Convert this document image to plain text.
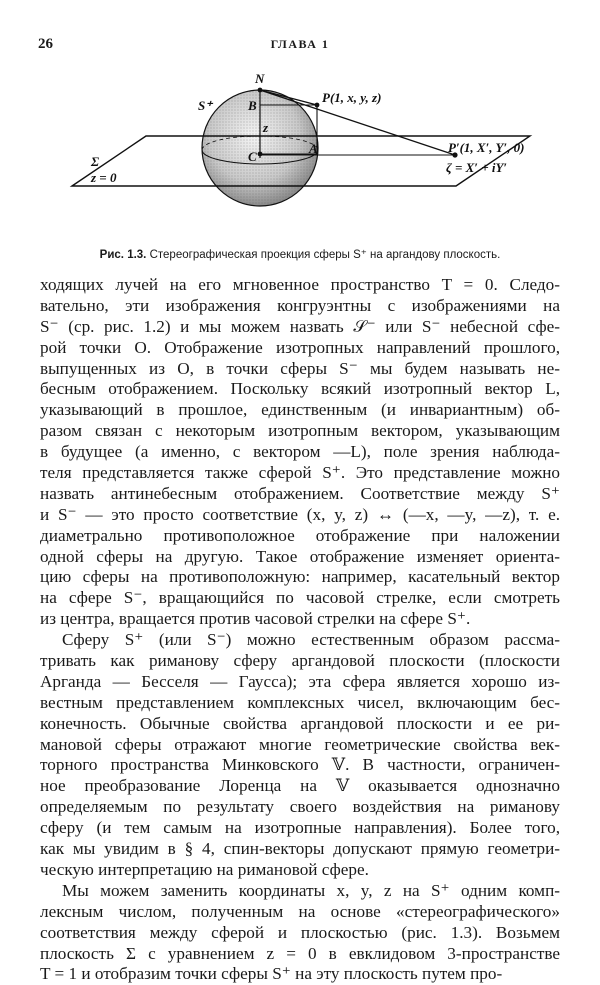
26	ГЛАВА 1
N
S⁺	B
P(1, x, y, z)
z
C
A
Σ
z = 0
P′(1, X′, Y′, 0)
ζ = X′ + iY′
Рис. 1.3. Стереографическая проекция сферы S⁺ на аргандову плоскость.
ходящих лучей на его мгновенное пространство T = 0. Следо-
вательно, эти изображения конгруэнтны с изображениями на
S⁻ (ср. рис. 1.2) и мы можем назвать 𝒮⁻ или S⁻ небесной сфе-
рой точки O. Отображение изотропных направлений прошлого,
выпущенных из O, в точки сферы S⁻ мы будем называть не-
бесным отображением. Поскольку всякий изотропный вектор L,
указывающий в прошлое, единственным (и инвариантным) об-
разом связан с некоторым изотропным вектором, указывающим
в будущее (а именно, с вектором —L), поле зрения наблюда-
теля представляется также сферой S⁺. Это представление можно
назвать антинебесным отображением. Соответствие между S⁺
и S⁻ — это просто соответствие (x, y, z) ↔ (—x, —y, —z), т. е.
диаметрально противоположное отображение при наложении
одной сферы на другую. Такое отображение изменяет ориента-
цию сферы на противоположную: например, касательный вектор
на сфере S⁻, вращающийся по часовой стрелке, если смотреть
из центра, вращается против часовой стрелки на сфере S⁺.
Сферу S⁺ (или S⁻) можно естественным образом рассма-
тривать как риманову сферу аргандовой плоскости (плоскости
Арганда — Бесселя — Гаусса); эта сфера является хорошо из-
вестным представлением комплексных чисел, включающим бес-
конечность. Обычные свойства аргандовой плоскости и ее ри-
мановой сферы отражают многие геометрические свойства век-
торного пространства Минковского 𝕍. В частности, ограничен-
ное преобразование Лоренца на 𝕍 оказывается однозначно
определяемым по результату своего воздействия на риманову
сферу (и тем самым на изотропные направления). Более того,
как мы увидим в § 4, спин-векторы допускают прямую геометри-
ческую интерпретацию на римановой сфере.
Мы можем заменить координаты x, y, z на S⁺ одним комп-
лексным числом, полученным на основе «стереографического»
соответствия между сферой и плоскостью (рис. 1.3). Возьмем
плоскость Σ с уравнением z = 0 в евклидовом 3-пространстве
T = 1 и отобразим точки сферы S⁺ на эту плоскость путем про-
